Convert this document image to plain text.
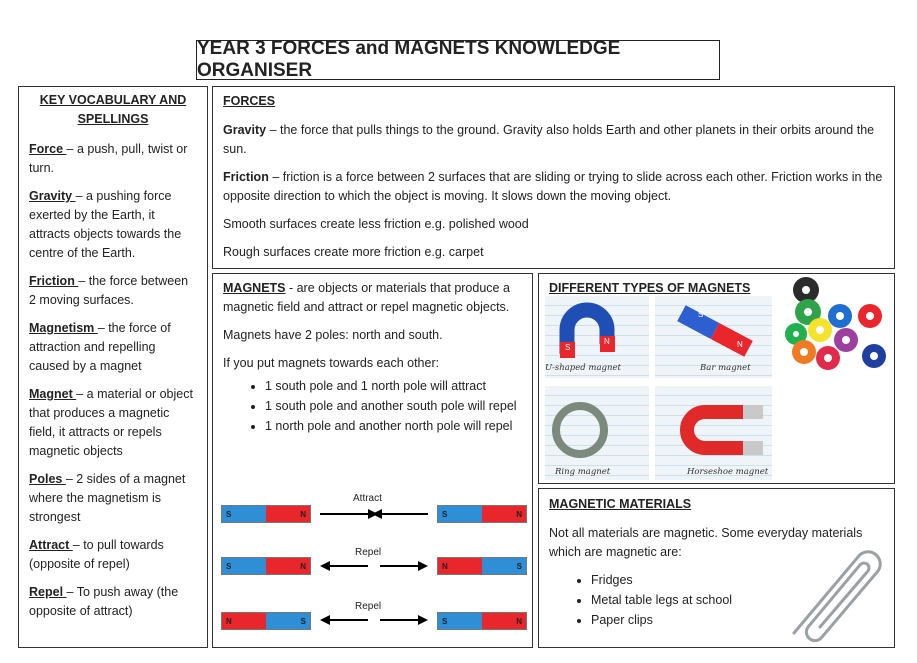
YEAR 3 FORCES and MAGNETS KNOWLEDGE ORGANISER
KEY VOCABULARY AND
SPELLINGS
Force – a push, pull, twist or turn.
Gravity – a pushing force exerted by the Earth, it attracts objects towards the centre of the Earth.
Friction – the force between 2 moving surfaces.
Magnetism – the force of attraction and repelling caused by a magnet
Magnet – a material or object that produces a magnetic field, it attracts or repels magnetic objects
Poles – 2 sides of a magnet where the magnetism is strongest
Attract – to pull towards (opposite of repel)
Repel – To push away (the opposite of attract)
FORCES
Gravity – the force that pulls things to the ground. Gravity also holds Earth and other planets in their orbits around the sun.
Friction – friction is a force between 2 surfaces that are sliding or trying to slide across each other. Friction works in the opposite direction to which the object is moving. It slows down the moving object.
Smooth surfaces create less friction e.g. polished wood
Rough surfaces create more friction e.g. carpet
MAGNETS - are objects or materials that produce a magnetic field and attract or repel magnetic objects.
Magnets have 2 poles: north and south.
If you put magnets towards each other:
• 1 south pole and 1 north pole will attract
• 1 south pole and another south pole will repel
• 1 north pole and another north pole will repel
S	N
Attract
S	N
S	N
Repel
N	S
N	S
Repel
S	N
DIFFERENT TYPES OF MAGNETS
S
N
U-shaped magnet
S
N
Bar magnet
Ring magnet	Horseshoe magnet
MAGNETIC MATERIALS
Not all materials are magnetic. Some everyday materials which are magnetic are:
• Fridges
• Metal table legs at school
• Paper clips
